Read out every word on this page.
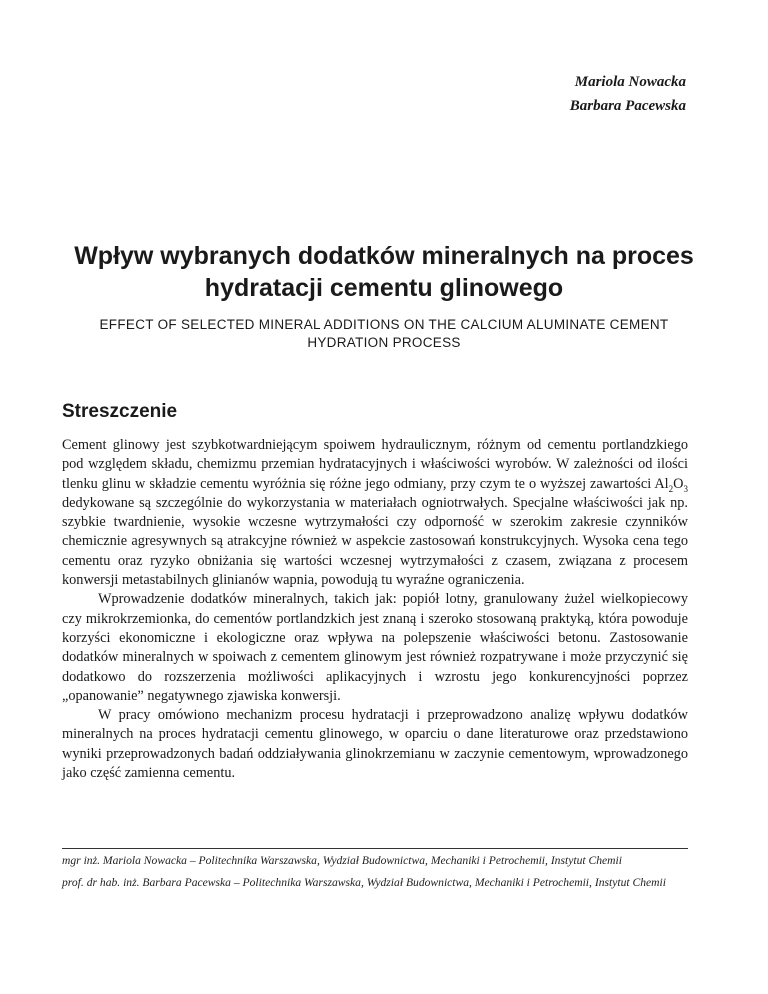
Mariola Nowacka
Barbara Pacewska
Wpływ wybranych dodatków mineralnych na proces hydratacji cementu glinowego

EFFECT OF SELECTED MINERAL ADDITIONS ON THE CALCIUM ALUMINATE CEMENT HYDRATION PROCESS

Streszczenie

Cement glinowy jest szybkotwardniejącym spoiwem hydraulicznym, różnym od cementu portlandzkiego pod względem składu, chemizmu przemian hydratacyjnych i właściwości wyrobów. W zależności od ilości tlenku glinu w składzie cementu wyróżnia się różne jego odmiany, przy czym te o wyższej zawartości $Al_2O_3$ dedykowane są szczególnie do wykorzystania w materiałach ogniotrwałych. Specjalne właściwości jak np. szybkie twardnienie, wysokie wczesne wytrzymałości czy odporność w szerokim zakresie czynników chemicznie agresywnych są atrakcyjne również w aspekcie zastosowań konstrukcyjnych. Wysoka cena tego cementu oraz ryzyko obniżania się wartości wczesnej wytrzymałości z czasem, związana z procesem konwersji metastabilnych glinianów wapnia, powodują tu wyraźne ograniczenia.

Wprowadzenie dodatków mineralnych, takich jak: popiół lotny, granulowany żużel wielkopiecowy czy mikrokrzemionka, do cementów portlandzkich jest znaną i szeroko stosowaną praktyką, która powoduje korzyści ekonomiczne i ekologiczne oraz wpływa na polepszenie właściwości betonu. Zastosowanie dodatków mineralnych w spoiwach z cementem glinowym jest również rozpatrywane i może przyczynić się dodatkowo do rozszerzenia możliwości aplikacyjnych i wzrostu jego konkurencyjności poprzez „opanowanie” negatywnego zjawiska konwersji.

W pracy omówiono mechanizm procesu hydratacji i przeprowadzono analizę wpływu dodatków mineralnych na proces hydratacji cementu glinowego, w oparciu o dane literaturowe oraz przedstawiono wyniki przeprowadzonych badań oddziaływania glinokrzemianu w zaczynie cementowym, wprowadzonego jako część zamienna cementu.

mgr inż. Mariola Nowacka – Politechnika Warszawska, Wydział Budownictwa, Mechaniki i Petrochemii, Instytut Chemii

prof. dr hab. inż. Barbara Pacewska – Politechnika Warszawska, Wydział Budownictwa, Mechaniki i Petrochemii, Instytut Chemii
